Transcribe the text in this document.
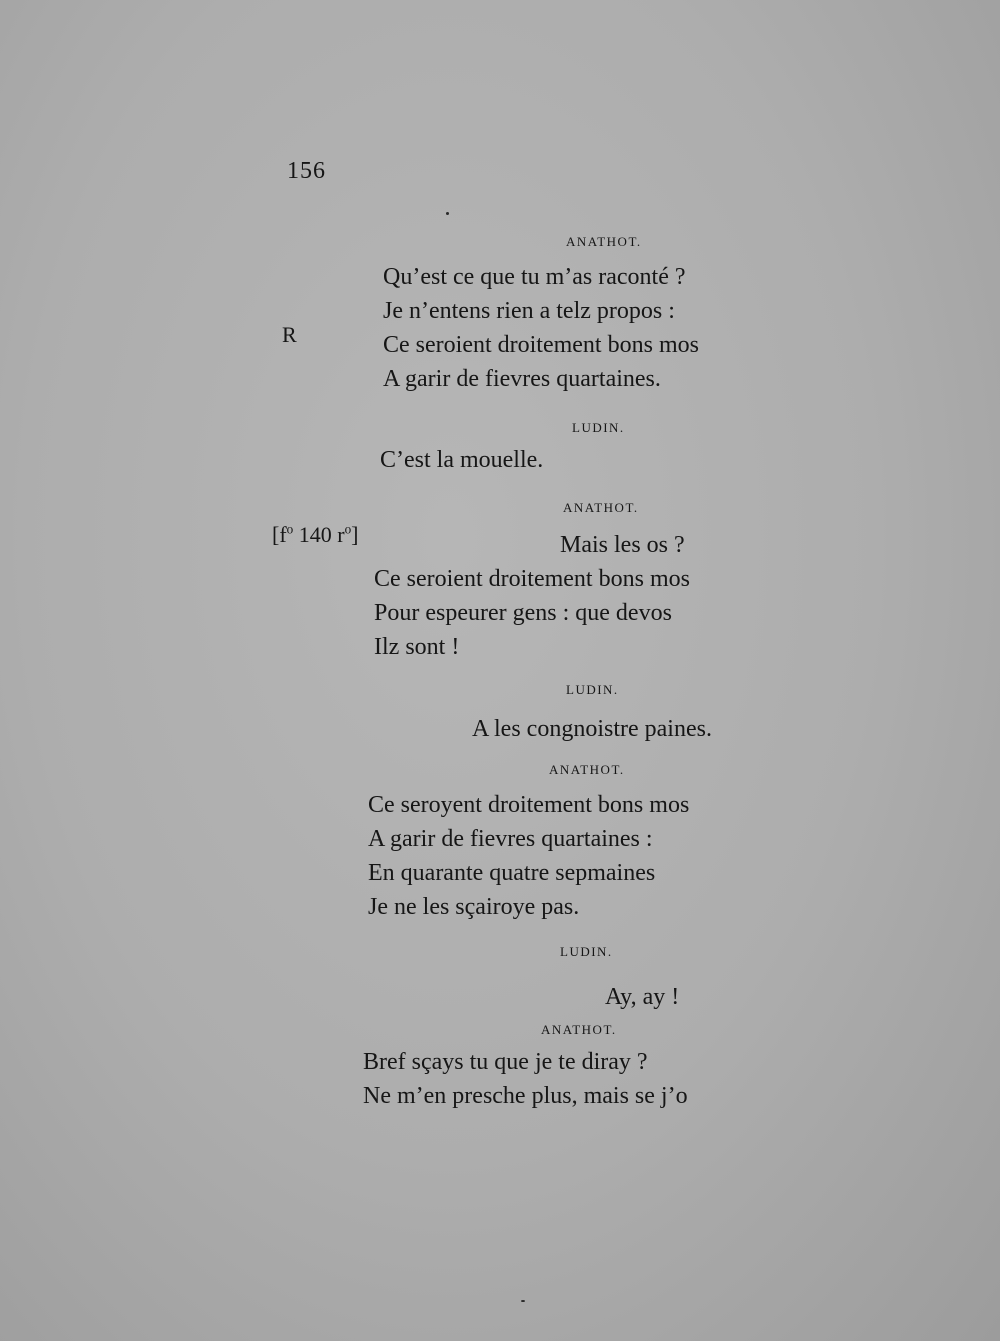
156
R
[$f^o$ 140 $r^o$]
ANATHOT.
Qu’est ce que tu m’as raconté ?
Je n’entens rien a telz propos :
Ce seroient droitement bons mos
A garir de fievres quartaines.
LUDIN.
C’est la mouelle.
ANATHOT.
Mais les os ?
Ce seroient droitement bons mos
Pour espeurer gens : que devos
Ilz sont !
LUDIN.
A les congnoistre paines.
ANATHOT.
Ce seroyent droitement bons mos
A garir de fievres quartaines :
En quarante quatre sepmaines
Je ne les sçairoye pas.
LUDIN.
Ay, ay !
ANATHOT.
Bref sçays tu que je te diray ?
Ne m’en presche plus, mais se j’o
